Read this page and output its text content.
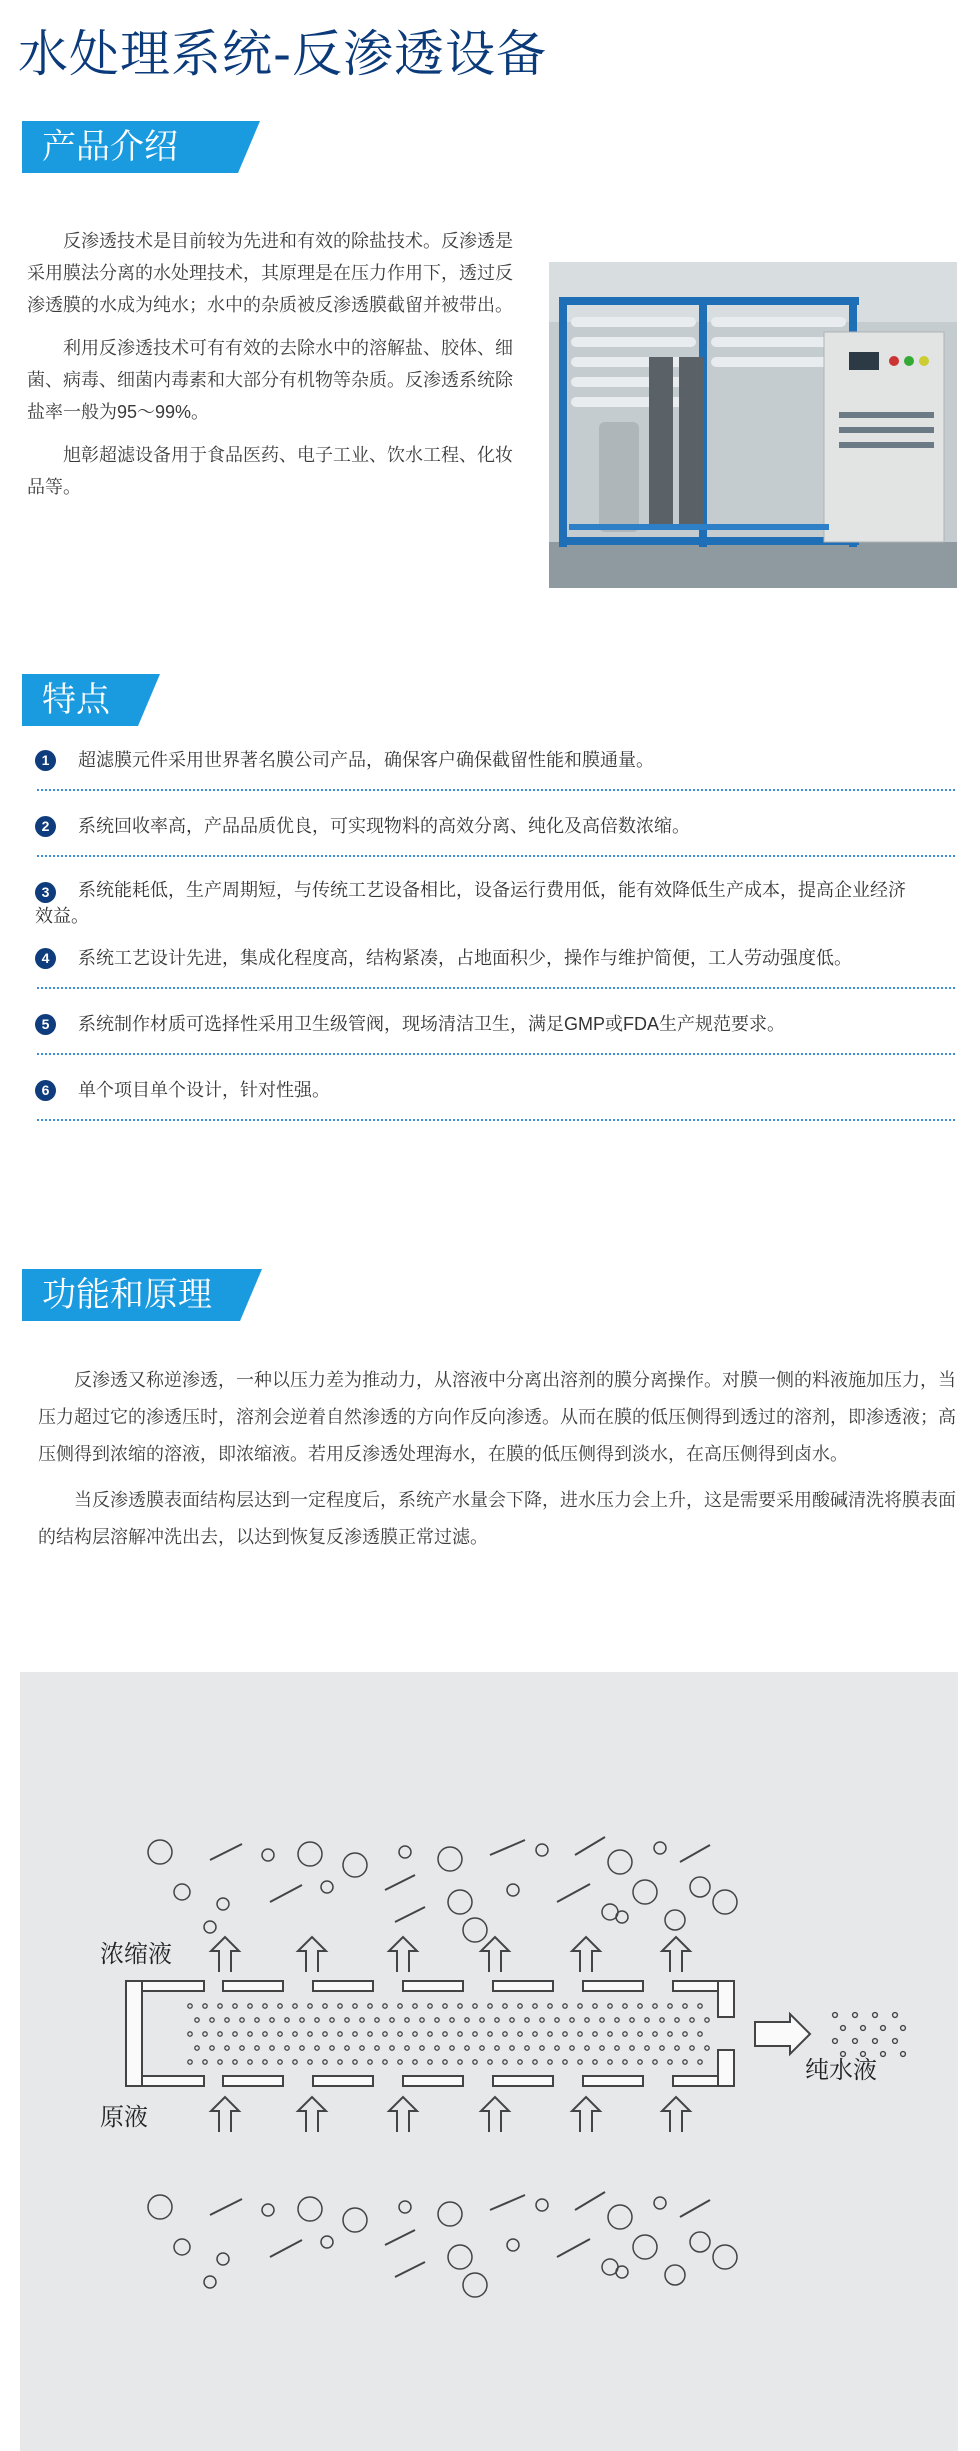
水处理系统-反渗透设备
产品介绍

反渗透技术是目前较为先进和有效的除盐技术。反渗透是采用膜法分离的水处理技术，其原理是在压力作用下，透过反渗透膜的水成为纯水；水中的杂质被反渗透膜截留并被带出。

利用反渗透技术可有有效的去除水中的溶解盐、胶体、细菌、病毒、细菌内毒素和大部分有机物等杂质。反渗透系统除盐率一般为95～99%。

旭彰超滤设备用于食品医药、电子工业、饮水工程、化妆品等。

特点
1	超滤膜元件采用世界著名膜公司产品，确保客户确保截留性能和膜通量。
2	系统回收率高，产品品质优良，可实现物料的高效分离、纯化及高倍数浓缩。
3	系统能耗低，生产周期短，与传统工艺设备相比，设备运行费用低，能有效降低生产成本，提高企业经济效益。
4	系统工艺设计先进，集成化程度高，结构紧凑，占地面积少，操作与维护简便，工人劳动强度低。
5	系统制作材质可选择性采用卫生级管阀，现场清洁卫生，满足GMP或FDA生产规范要求。
6	单个项目单个设计，针对性强。
功能和原理

反渗透又称逆渗透，一种以压力差为推动力，从溶液中分离出溶剂的膜分离操作。对膜一侧的料液施加压力，当压力超过它的渗透压时，溶剂会逆着自然渗透的方向作反向渗透。从而在膜的低压侧得到透过的溶剂，即渗透液；高压侧得到浓缩的溶液，即浓缩液。若用反渗透处理海水，在膜的低压侧得到淡水，在高压侧得到卤水。

当反渗透膜表面结构层达到一定程度后，系统产水量会下降，进水压力会上升，这是需要采用酸碱清洗将膜表面的结构层溶解冲洗出去，以达到恢复反渗透膜正常过滤。

浓缩液
原液
纯水液
